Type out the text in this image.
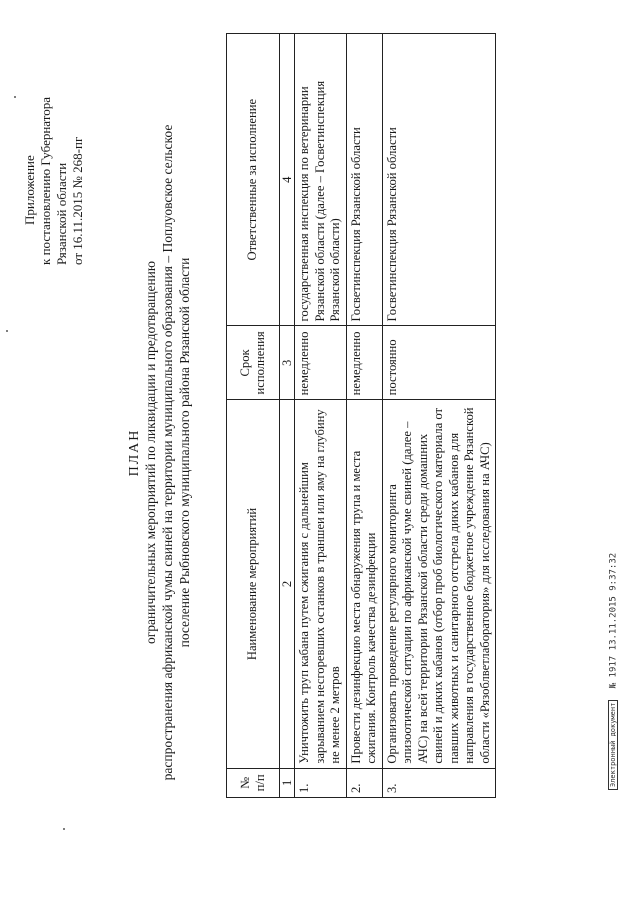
Приложение к постановлению Губернатора Рязанской области от 16.11.2015 № 268-пг
ПЛАН ограничительных мероприятий по ликвидации и предотвращению распространения африканской чумы свиней на территории муниципального образования – Поплуовское сельское поселение Рыбновского муниципального района Рязанской области
№ п/п	Наименование мероприятий	Срок исполнения	Ответственные за исполнение
1	2	3	4
1.	Уничтожить труп кабана путем сжигания с дальнейшим зарыванием несгоревших останков в траншеи или яму на глубину не менее 2 метров	немедленно	государственная инспекция по ветеринарии Рязанской области (далее – Госветинспекция Рязанской области)
2.	Провести дезинфекцию места обнаружения трупа и места сжигания. Контроль качества дезинфекции	немедленно	Госветинспекция Рязанской области
3.	Организовать проведение регулярного мониторинга эпизоотической ситуации по африканской чуме свиней (далее – АЧС) на всей территории Рязанской области среди домашних свиней и диких кабанов (отбор проб биологического материала от павших животных и санитарного отстрела диких кабанов для направления в государственное бюджетное учреждение Рязанской области «Рязоблветлаборатория» для исследования на АЧС)	постоянно	Госветинспекция Рязанской области
Электронный документ № 1917 13.11.2015 9:37:32
